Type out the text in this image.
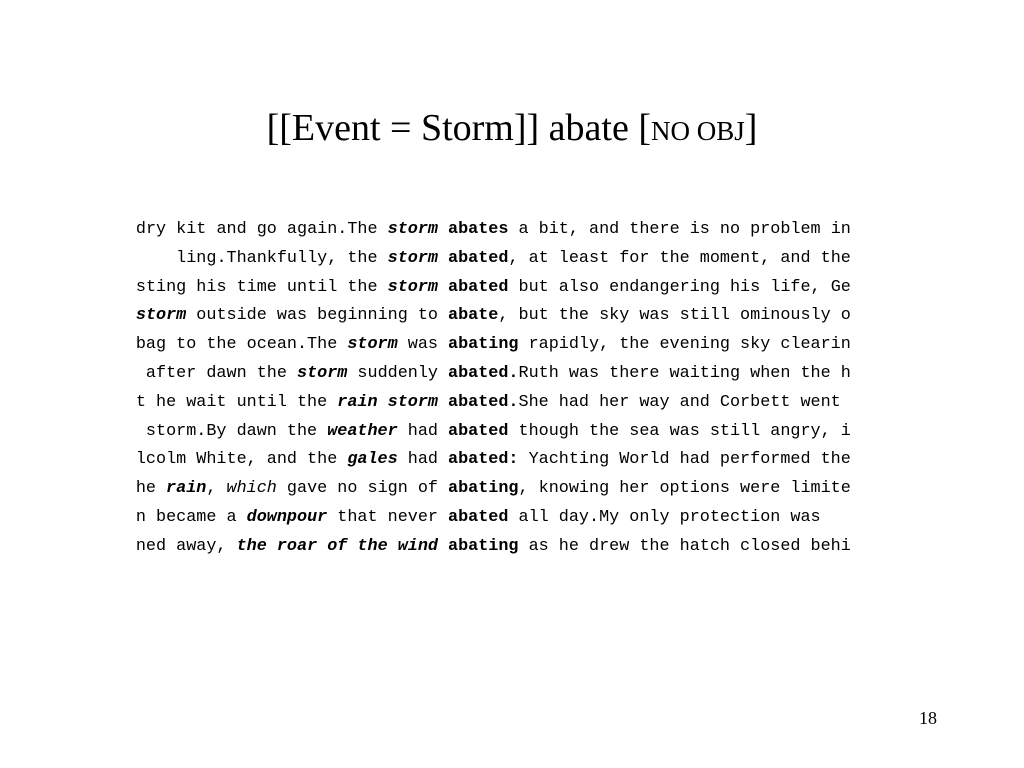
[[Event = Storm]] abate [NO OBJ]
dry kit and go again.The storm abates a bit, and there is no problem in
ling.Thankfully, the storm abated, at least for the moment, and the
sting his time until the storm abated but also endangering his life, Ge
storm outside was beginning to abate, but the sky was still ominously o
bag to the ocean.The storm was abating rapidly, the evening sky clearin
after dawn the storm suddenly abated.Ruth was there waiting when the h
t he wait until the rain storm abated.She had her way and Corbett went
storm.By dawn the weather had abated though the sea was still angry, i
lcolm White, and the gales had abated: Yachting World had performed the
he rain, which gave no sign of abating, knowing her options were limite
n became a downpour that never abated all day.My only protection was
ned away, the roar of the wind abating as he drew the hatch closed behi
18
